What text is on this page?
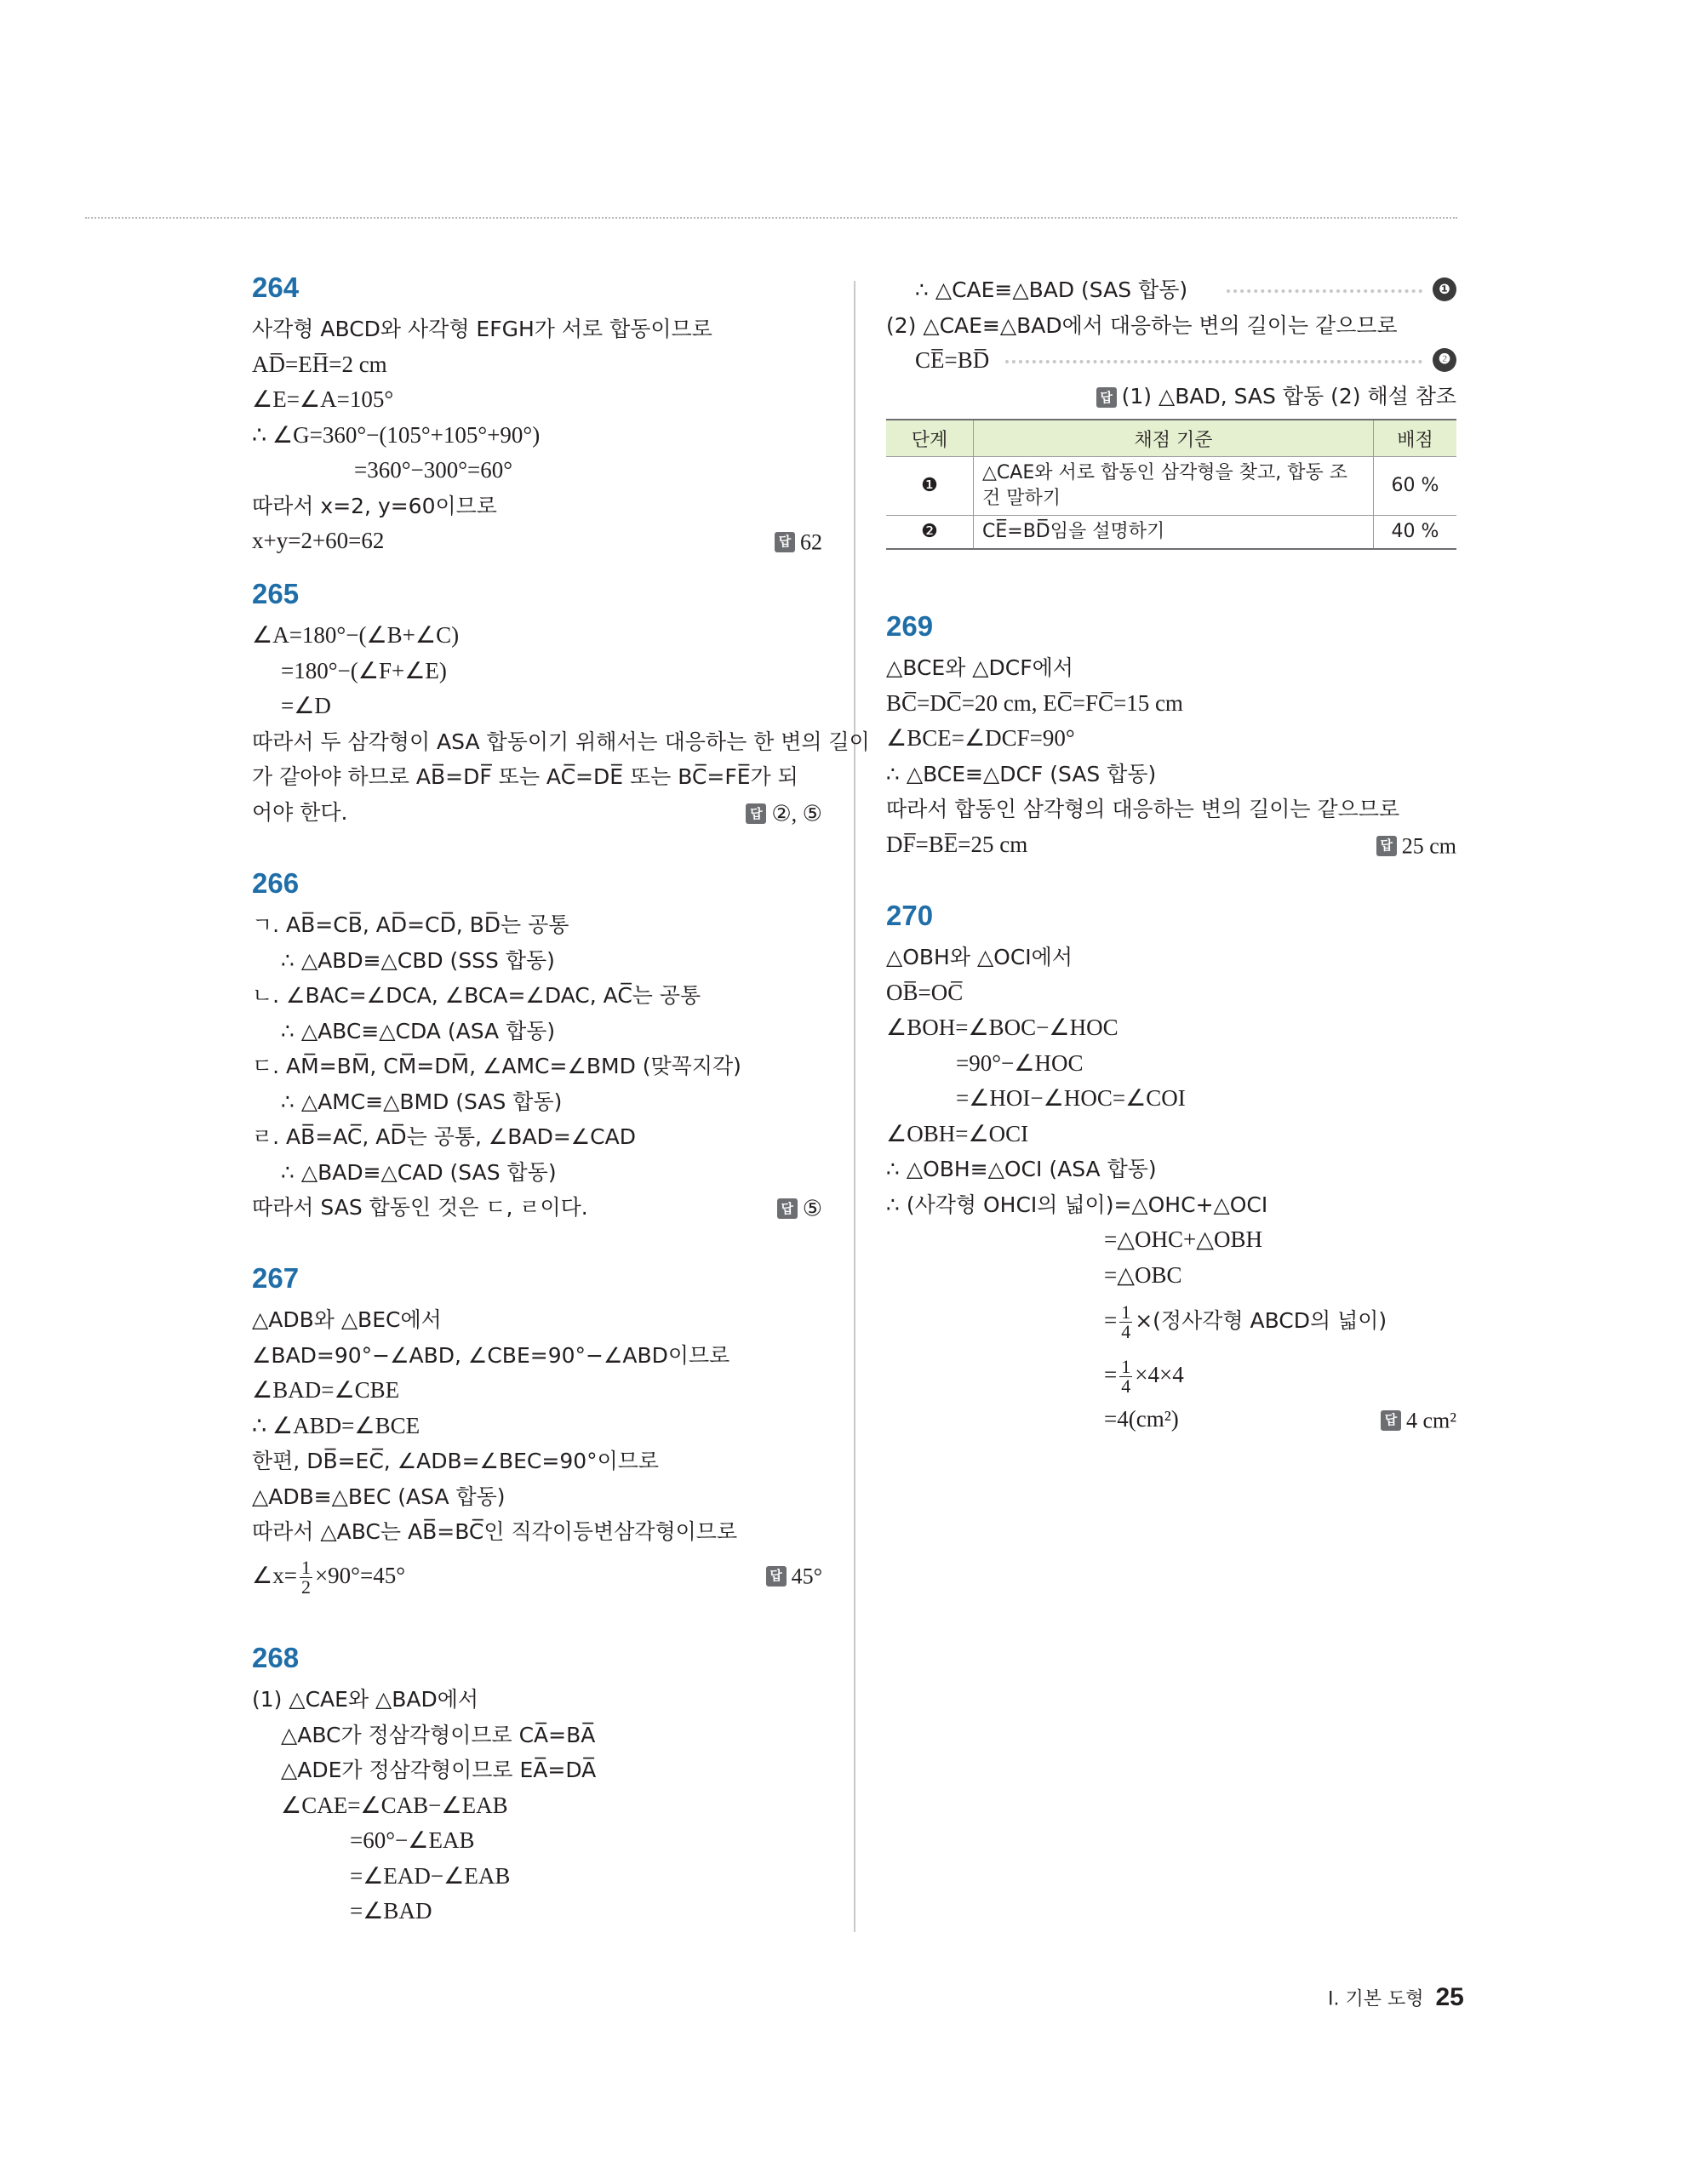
264
사각형 ABCD와 사각형 EFGH가 서로 합동이므로
AD̅=EH̅=2 cm
∠E=∠A=105°
∴ ∠G=360°−(105°+105°+90°)
=360°−300°=60°
따라서 x=2, y=60이므로
x+y=2+60=62	답 62
265
∠A=180°−(∠B+∠C)
=180°−(∠F+∠E)
=∠D
따라서 두 삼각형이 ASA 합동이기 위해서는 대응하는 한 변의 길이
가 같아야 하므로 AB̅=DF̅ 또는 AC̅=DE̅ 또는 BC̅=FE̅가 되
어야 한다.	답 ②, ⑤
266
ㄱ. AB̅=CB̅, AD̅=CD̅, BD̅는 공통
∴ △ABD≡△CBD (SSS 합동)
ㄴ. ∠BAC=∠DCA, ∠BCA=∠DAC, AC̅는 공통
∴ △ABC≡△CDA (ASA 합동)
ㄷ. AM̅=BM̅, CM̅=DM̅, ∠AMC=∠BMD (맞꼭지각)
∴ △AMC≡△BMD (SAS 합동)
ㄹ. AB̅=AC̅, AD̅는 공통, ∠BAD=∠CAD
∴ △BAD≡△CAD (SAS 합동)
따라서 SAS 합동인 것은 ㄷ, ㄹ이다.	답 ⑤
267
△ADB와 △BEC에서
∠BAD=90°−∠ABD, ∠CBE=90°−∠ABD이므로
∠BAD=∠CBE
∴ ∠ABD=∠BCE
한편, DB̅=EC̅, ∠ADB=∠BEC=90°이므로
△ADB≡△BEC (ASA 합동)
따라서 △ABC는 AB̅=BC̅인 직각이등변삼각형이므로
∠x= $\frac{1}{2} \times 90^\circ=45^\circ$	답 45°
268
(1) △CAE와 △BAD에서
△ABC가 정삼각형이므로 CA̅=BA̅
△ADE가 정삼각형이므로 EA̅=DA̅
∠CAE=∠CAB−∠EAB
=60°−∠EAB
=∠EAD−∠EAB
=∠BAD
∴ △CAE≡△BAD (SAS 합동)	❶
(2) △CAE≡△BAD에서 대응하는 변의 길이는 같으므로
CE̅=BD̅	❷
답 (1) △BAD, SAS 합동 (2) 해설 참조
단계	채점 기준	배점
❶	△CAE와 서로 합동인 삼각형을 찾고, 합동 조건 말하기	60 %
❷	CE̅=BD̅임을 설명하기	40 %
269
△BCE와 △DCF에서
BC̅=DC̅=20 cm, EC̅=FC̅=15 cm
∠BCE=∠DCF=90°
∴ △BCE≡△DCF (SAS 합동)
따라서 합동인 삼각형의 대응하는 변의 길이는 같으므로
DF̅=BE̅=25 cm	답 25 cm
270
△OBH와 △OCI에서
OB̅=OC̅
∠BOH=∠BOC−∠HOC
=90°−∠HOC
=∠HOI−∠HOC=∠COI
∠OBH=∠OCI
∴ △OBH≡△OCI (ASA 합동)
∴ (사각형 OHCI의 넓이)=△OHC+△OCI
=△OHC+△OBH
=△OBC
= $\frac{1}{4}$ ×(정사각형 ABCD의 넓이)
= $\frac{1}{4} \times 4\times 4$
=4(cm²)	답 4 cm²
Ⅰ. 기본 도형 25
